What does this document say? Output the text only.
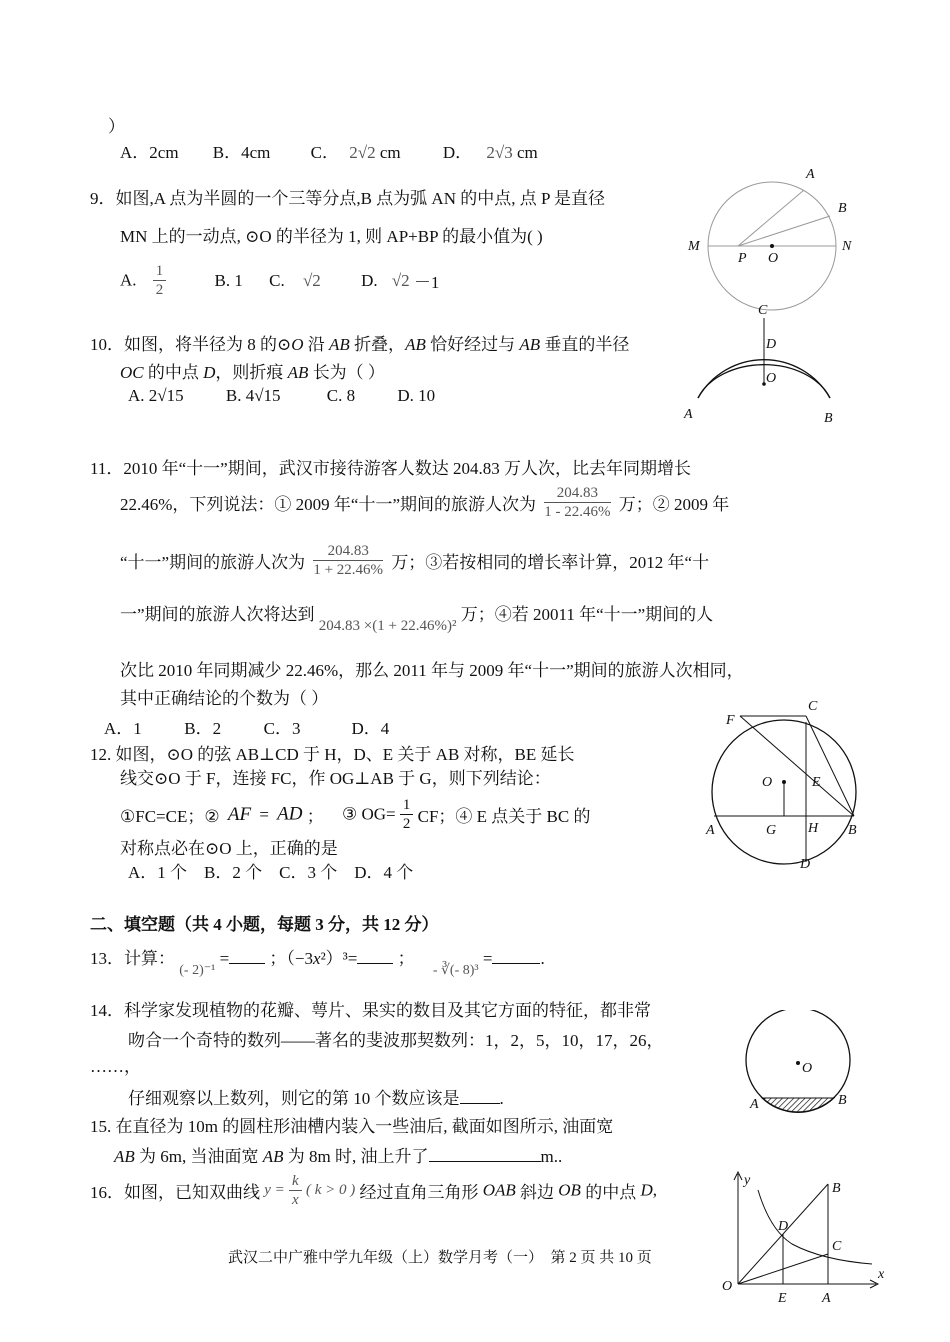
）
A．2cm B．4cm C． 2√2 cm D． 2√3 cm
9．如图,A 点为半圆的一个三等分点,B 点为弧 AN 的中点, 点 P 是直径
MN 上的一动点, ⊙O 的半径为 1, 则 AP+BP 的最小值为( )
A. $\frac{1}{2}$	B. 1 C. √2 D. √2 －1
A
B
M	N
P O
10．如图，将半径为 8 的⊙O 沿 AB 折叠，AB 恰好经过与 AB 垂直的半径
OC 的中点 D，则折痕 AB 长为（ ）
A. 2√15 B. 4√15	C. 8 D. 10
C
D
O
A	B
11．2010 年“十一”期间，武汉市接待游客人数达 204.83 万人次，比去年同期增长
22.46%，下列说法：① 2009 年“十一”期间的旅游人次为 $\frac{204.83}{1 - 22.46\%}$ 万；② 2009 年
“十一”期间的旅游人次为 $\frac{204.83}{1 + 22.46\%}$ 万；③若按相同的增长率计算，2012 年“十
一”期间的旅游人次将达到 204.83 ×(1 + 22.46%)² 万；④若 20011 年“十一”期间的人
次比 2010 年同期减少 22.46%，那么 2011 年与 2009 年“十一”期间的旅游人次相同，
其中正确结论的个数为（ ）
A．1          B．2          C．3            D．4
12. 如图，⊙O 的弦 AB⊥CD 于 H，D、E 关于 AB 对称，BE 延长
线交⊙O 于 F，连接 FC，作 OG⊥AB 于 G，则下列结论：
①FC=CE；② AF = AD ； ③ $OG= \frac{1}{2}$ CF；④ E 点关于 BC 的
对称点必在⊙O 上，正确的是
A．1 个    B．2 个    C．3 个    D．4 个
F
C
O	E
A	G H B
D
二、填空题（共 4 小题，每题 3 分，共 12 分）
13．计算： $_{(- 2)^{-1}}$ = ；（−3x²）³= ； $_{- ∛(- 8)^3}$ =	.
14．科学家发现植物的花瓣、萼片、果实的数目及其它方面的特征，都非常
吻合一个奇特的数列——著名的斐波那契数列：1，2，5，10，17，26，
……，
仔细观察以上数列，则它的第 10 个数应该是 .
O
A	B
15. 在直径为 10m 的圆柱形油槽内装入一些油后, 截面如图所示, 油面宽
AB 为 6m, 当油面宽 AB 为 8m 时, 油上升了	m..
16．如图，已知双曲线 $y = \frac{k}{x}$ ( k > 0 ) 经过直角三角形 OAB 斜边 OB 的中点 D,	y
x
O
E	A
B
C
D
武汉二中广雅中学九年级（上）数学月考（一）  第 2 页 共 10 页
